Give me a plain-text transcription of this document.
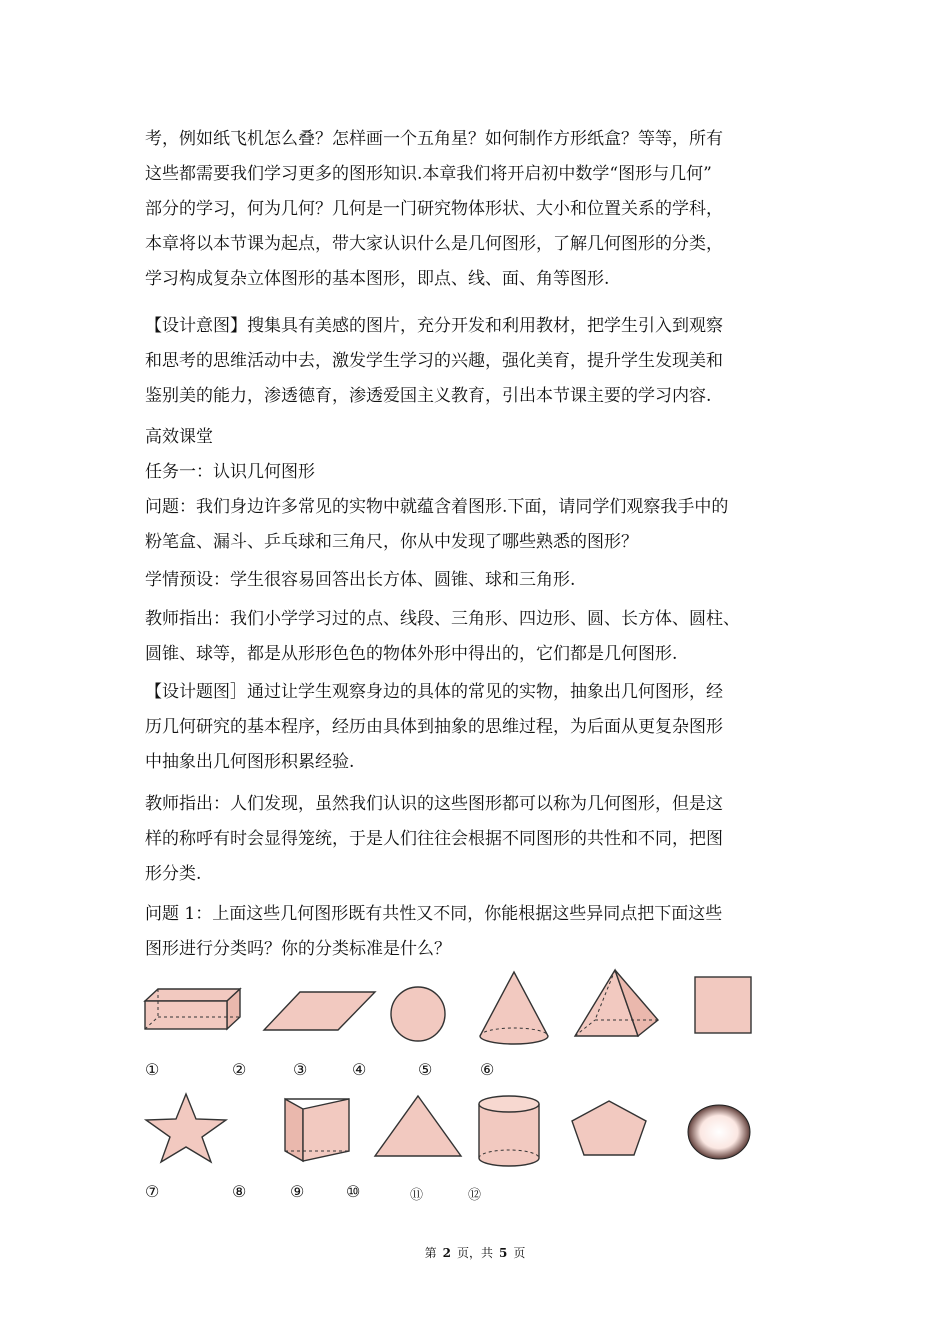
考，例如纸飞机怎么叠？怎样画一个五角星？如何制作方形纸盒？等等，所有
这些都需要我们学习更多的图形知识.本章我们将开启初中数学“图形与几何”
部分的学习，何为几何？几何是一门研究物体形状、大小和位置关系的学科，
本章将以本节课为起点，带大家认识什么是几何图形，了解几何图形的分类，
学习构成复杂立体图形的基本图形，即点、线、面、角等图形.
【设计意图】搜集具有美感的图片，充分开发和利用教材，把学生引入到观察
和思考的思维活动中去，激发学生学习的兴趣，强化美育，提升学生发现美和
鉴别美的能力，渗透德育，渗透爱国主义教育，引出本节课主要的学习内容.
高效课堂
任务一：认识几何图形
问题：我们身边许多常见的实物中就蕴含着图形.下面，请同学们观察我手中的
粉笔盒、漏斗、乒乓球和三角尺，你从中发现了哪些熟悉的图形？
学情预设：学生很容易回答出长方体、圆锥、球和三角形.
教师指出：我们小学学习过的点、线段、三角形、四边形、圆、长方体、圆柱、
圆锥、球等，都是从形形色色的物体外形中得出的，它们都是几何图形.
【设计题图］通过让学生观察身边的具体的常见的实物，抽象出几何图形，经
历几何研究的基本程序，经历由具体到抽象的思维过程，为后面从更复杂图形
中抽象出几何图形积累经验.
教师指出：人们发现，虽然我们认识的这些图形都可以称为几何图形，但是这
样的称呼有时会显得笼统，于是人们往往会根据不同图形的共性和不同，把图
形分类.
问题 1：上面这些几何图形既有共性又不同，你能根据这些异同点把下面这些
图形进行分类吗？你的分类标准是什么？
①	②	③	④	⑤	⑥
⑦	⑧	⑨	⑩	⑪	⑫
第 2 页，共 5 页
